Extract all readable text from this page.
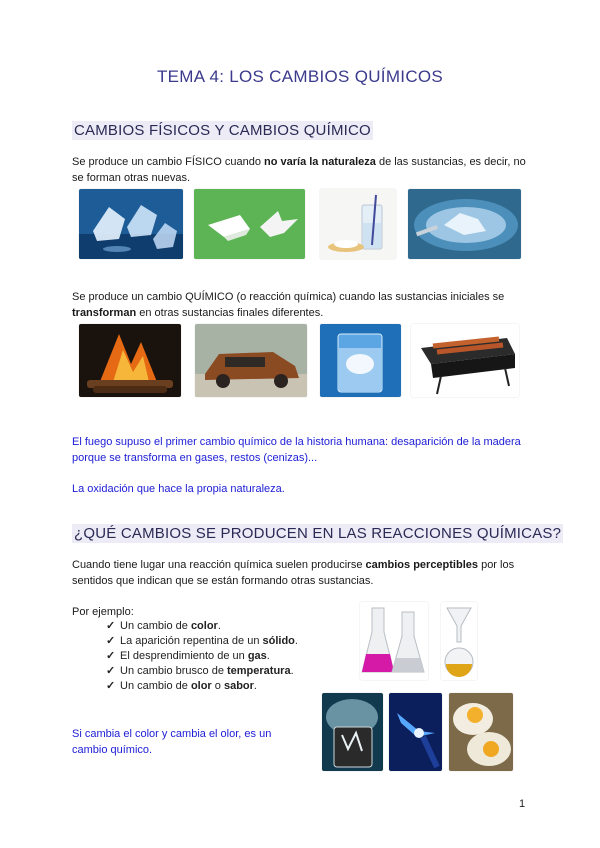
TEMA 4: LOS CAMBIOS QUÍMICOS
CAMBIOS FÍSICOS Y CAMBIOS QUÍMICO
Se produce un cambio FÍSICO cuando no varía la naturaleza de las sustancias, es decir, no se forman otras nuevas.
Se produce un cambio QUÍMICO (o reacción química) cuando las sustancias iniciales se transforman en otras sustancias finales diferentes.
El fuego supuso el primer cambio químico de la historia humana: desaparición de la madera porque se transforma en gases, restos (cenizas)...
La oxidación que hace la propia naturaleza.
¿QUÉ CAMBIOS SE PRODUCEN EN LAS REACCIONES QUÍMICAS?
Cuando tiene lugar una reacción química suelen producirse cambios perceptibles por los sentidos que indican que se están formando otras sustancias.
Por ejemplo:
✓ Un cambio de color.
✓ La aparición repentina de un sólido.
✓ El desprendimiento de un gas.
✓ Un cambio brusco de temperatura.
✓ Un cambio de olor o sabor.
Si cambia el color y cambia el olor, es un cambio químico.
1
